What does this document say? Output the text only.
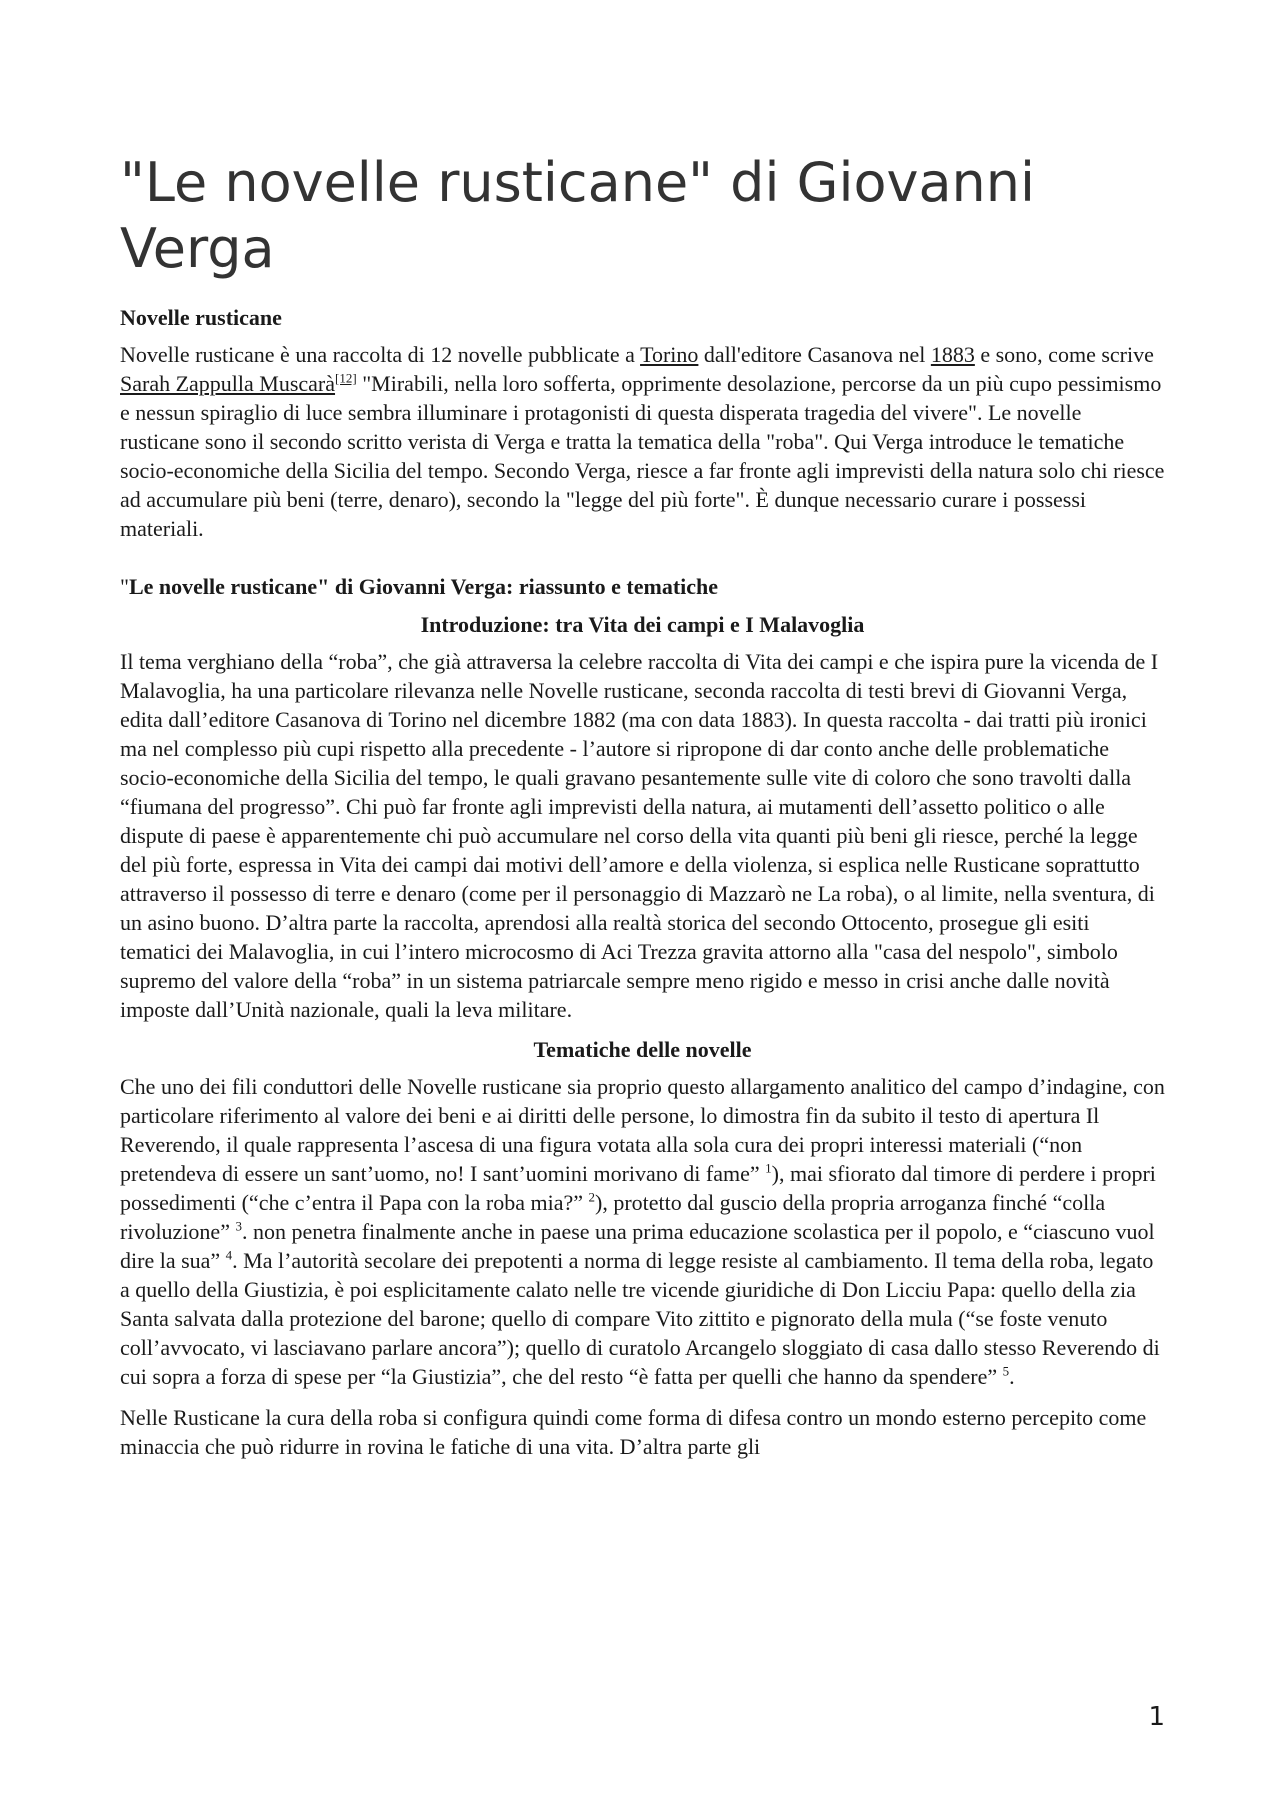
"Le novelle rusticane" di Giovanni Verga
Novelle rusticane

Novelle rusticane è una raccolta di 12 novelle pubblicate a Torino dall'editore Casanova nel 1883 e sono, come scrive Sarah Zappulla Muscarà[12] "Mirabili, nella loro sofferta, opprimente desolazione, percorse da un più cupo pessimismo e nessun spiraglio di luce sembra illuminare i protagonisti di questa disperata tragedia del vivere". Le novelle rusticane sono il secondo scritto verista di Verga e tratta la tematica della "roba". Qui Verga introduce le tematiche socio-economiche della Sicilia del tempo. Secondo Verga, riesce a far fronte agli imprevisti della natura solo chi riesce ad accumulare più beni (terre, denaro), secondo la "legge del più forte". È dunque necessario curare i possessi materiali.

"Le novelle rusticane" di Giovanni Verga: riassunto e tematiche
Introduzione: tra Vita dei campi e I Malavoglia

Il tema verghiano della “roba”, che già attraversa la celebre raccolta di Vita dei campi e che ispira pure la vicenda de I Malavoglia, ha una particolare rilevanza nelle Novelle rusticane, seconda raccolta di testi brevi di Giovanni Verga, edita dall’editore Casanova di Torino nel dicembre 1882 (ma con data 1883). In questa raccolta - dai tratti più ironici ma nel complesso più cupi rispetto alla precedente - l’autore si ripropone di dar conto anche delle problematiche socio-economiche della Sicilia del tempo, le quali gravano pesantemente sulle vite di coloro che sono travolti dalla “fiumana del progresso”. Chi può far fronte agli imprevisti della natura, ai mutamenti dell’assetto politico o alle dispute di paese è apparentemente chi può accumulare nel corso della vita quanti più beni gli riesce, perché la legge del più forte, espressa in Vita dei campi dai motivi dell’amore e della violenza, si esplica nelle Rusticane soprattutto attraverso il possesso di terre e denaro (come per il personaggio di Mazzarò ne La roba), o al limite, nella sventura, di un asino buono. D’altra parte la raccolta, aprendosi alla realtà storica del secondo Ottocento, prosegue gli esiti tematici dei Malavoglia, in cui l’intero microcosmo di Aci Trezza gravita attorno alla "casa del nespolo", simbolo supremo del valore della “roba” in un sistema patriarcale sempre meno rigido e messo in crisi anche dalle novità imposte dall’Unità nazionale, quali la leva militare.

Tematiche delle novelle

Che uno dei fili conduttori delle Novelle rusticane sia proprio questo allargamento analitico del campo d’indagine, con particolare riferimento al valore dei beni e ai diritti delle persone, lo dimostra fin da subito il testo di apertura Il Reverendo, il quale rappresenta l’ascesa di una figura votata alla sola cura dei propri interessi materiali (“non pretendeva di essere un sant’uomo, no! I sant’uomini morivano di fame” $^1$), mai sfiorato dal timore di perdere i propri possedimenti (“che c’entra il Papa con la roba mia?” $^2$), protetto dal guscio della propria arroganza finché “colla rivoluzione” $^3$. non penetra finalmente anche in paese una prima educazione scolastica per il popolo, e “ciascuno vuol dire la sua” $^4$. Ma l’autorità secolare dei prepotenti a norma di legge resiste al cambiamento. Il tema della roba, legato a quello della Giustizia, è poi esplicitamente calato nelle tre vicende giuridiche di Don Licciu Papa: quello della zia Santa salvata dalla protezione del barone; quello di compare Vito zittito e pignorato della mula (“se foste venuto coll’avvocato, vi lasciavano parlare ancora”); quello di curatolo Arcangelo sloggiato di casa dallo stesso Reverendo di cui sopra a forza di spese per “la Giustizia”, che del resto “è fatta per quelli che hanno da spendere” $^5$.

Nelle Rusticane la cura della roba si configura quindi come forma di difesa contro un mondo esterno percepito come minaccia che può ridurre in rovina le fatiche di una vita. D’altra parte gli

1
